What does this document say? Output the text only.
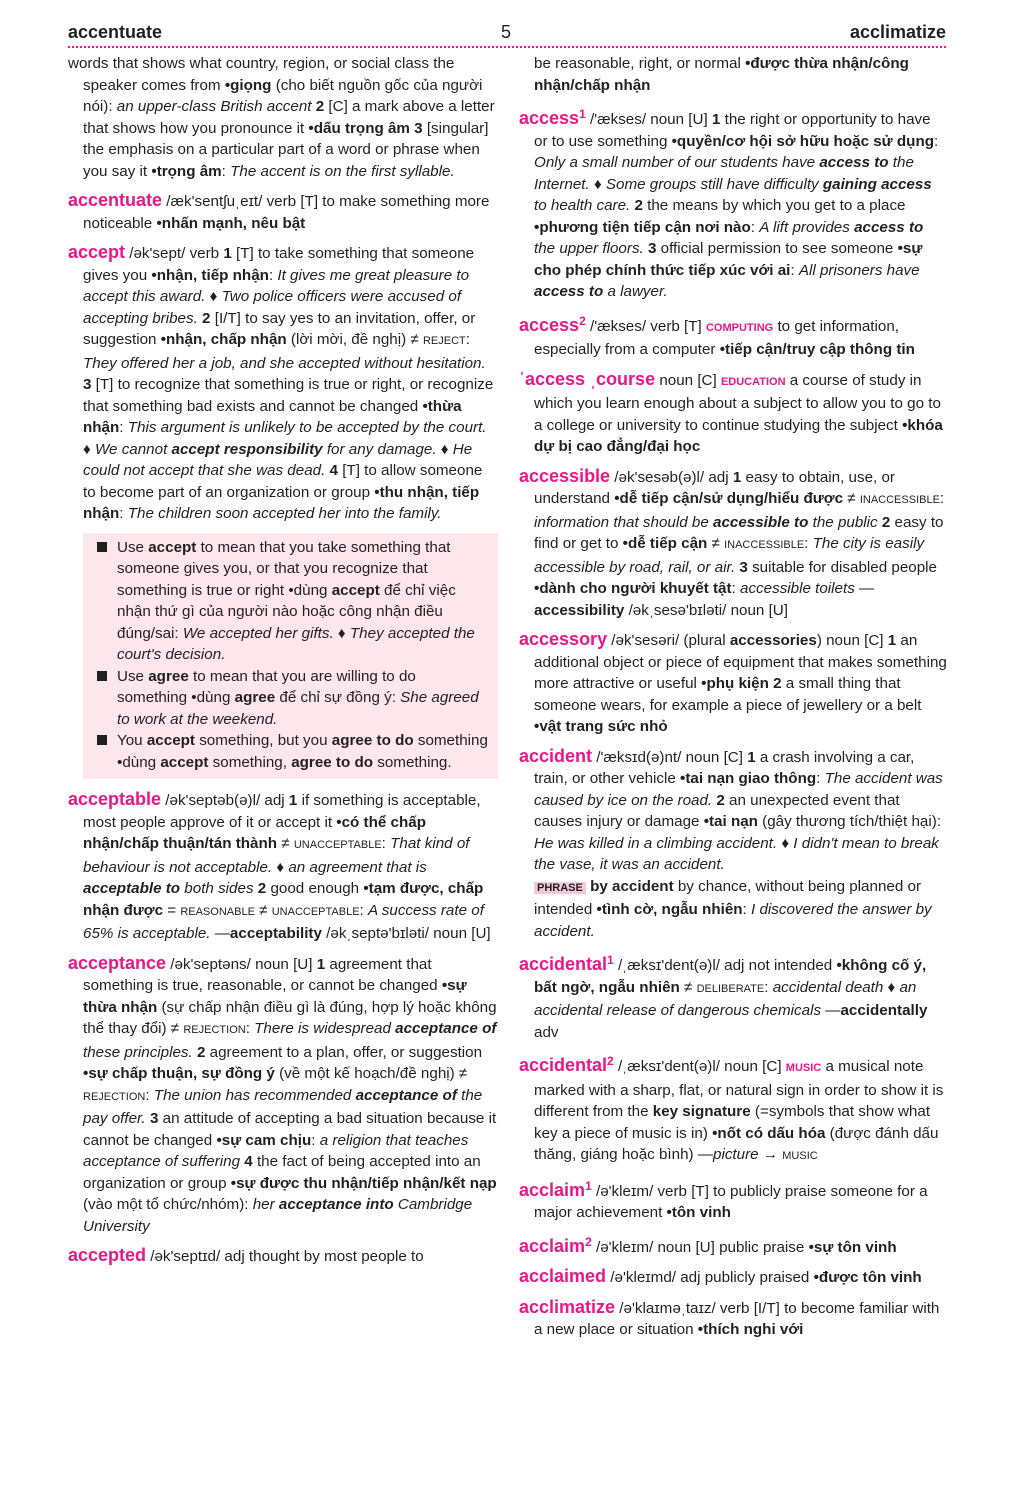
accentuate	5	acclimatize
words that shows what country, region, or social class the speaker comes from •giọng (cho biết nguồn gốc của người nói): an upper-class British accent 2 [C] a mark above a letter that shows how you pronounce it •dấu trọng âm 3 [singular] the emphasis on a particular part of a word or phrase when you say it •trọng âm: The accent is on the first syllable.
accentuate /æk'sentʃuˌeɪt/ verb [T] to make something more noticeable •nhấn mạnh, nêu bật
accept /ək'sept/ verb 1 [T] to take something that someone gives you •nhận, tiếp nhận: It gives me great pleasure to accept this award. ♦ Two police officers were accused of accepting bribes. 2 [I/T] to say yes to an invitation, offer, or suggestion •nhận, chấp nhận (lời mời, đề nghị) ≠ REJECT: They offered her a job, and she accepted without hesitation. 3 [T] to recognize that something is true or right, or recognize that something bad exists and cannot be changed •thừa nhận: This argument is unlikely to be accepted by the court. ♦ We cannot accept responsibility for any damage. ♦ He could not accept that she was dead. 4 [T] to allow someone to become part of an organization or group •thu nhận, tiếp nhận: The children soon accepted her into the family.
Use accept to mean that you take something that someone gives you, or that you recognize that something is true or right •dùng accept để chỉ việc nhận thứ gì của người nào hoặc công nhận điều đúng/sai: We accepted her gifts. ♦ They accepted the court's decision.
Use agree to mean that you are willing to do something •dùng agree để chỉ sự đồng ý: She agreed to work at the weekend.
You accept something, but you agree to do something •dùng accept something, agree to do something.
acceptable /ək'septəb(ə)l/ adj 1 if something is acceptable, most people approve of it or accept it •có thể chấp nhận/chấp thuận/tán thành ≠ UNACCEPTABLE: That kind of behaviour is not acceptable. ♦ an agreement that is acceptable to both sides 2 good enough •tạm được, chấp nhận được = REASONABLE ≠ UNACCEPTABLE: A success rate of 65% is acceptable. —acceptability /əkˌseptə'bɪləti/ noun [U]
acceptance /ək'septəns/ noun [U] 1 agreement that something is true, reasonable, or cannot be changed •sự thừa nhận (sự chấp nhận điều gì là đúng, hợp lý hoặc không thể thay đổi) ≠ REJECTION: There is widespread acceptance of these principles. 2 agreement to a plan, offer, or suggestion •sự chấp thuận, sự đồng ý (về một kế hoạch/đề nghị) ≠ REJECTION: The union has recommended acceptance of the pay offer. 3 an attitude of accepting a bad situation because it cannot be changed •sự cam chịu: a religion that teaches acceptance of suffering 4 the fact of being accepted into an organization or group •sự được thu nhận/tiếp nhận/kết nạp (vào một tổ chức/nhóm): her acceptance into Cambridge University
accepted /ək'septɪd/ adj thought by most people to
be reasonable, right, or normal •được thừa nhận/công nhận/chấp nhận
access$^1$ /'ækses/ noun [U] 1 the right or opportunity to have or to use something •quyền/cơ hội sở hữu hoặc sử dụng: Only a small number of our students have access to the Internet. ♦ Some groups still have difficulty gaining access to health care. 2 the means by which you get to a place •phương tiện tiếp cận nơi nào: A lift provides access to the upper floors. 3 official permission to see someone •sự cho phép chính thức tiếp xúc với ai: All prisoners have access to a lawyer.
access$^2$ /'ækses/ verb [T] COMPUTING to get information, especially from a computer •tiếp cận/truy cập thông tin
ˈaccess ˌcourse noun [C] EDUCATION a course of study in which you learn enough about a subject to allow you to go to a college or university to continue studying the subject •khóa dự bị cao đẳng/đại học
accessible /ək'sesəb(ə)l/ adj 1 easy to obtain, use, or understand •dễ tiếp cận/sử dụng/hiểu được ≠ INACCESSIBLE: information that should be accessible to the public 2 easy to find or get to •dễ tiếp cận ≠ INACCESSIBLE: The city is easily accessible by road, rail, or air. 3 suitable for disabled people •dành cho người khuyết tật: accessible toilets —accessibility /əkˌsesə'bɪləti/ noun [U]
accessory /ək'sesəri/ (plural accessories) noun [C] 1 an additional object or piece of equipment that makes something more attractive or useful •phụ kiện 2 a small thing that someone wears, for example a piece of jewellery or a belt •vật trang sức nhỏ
accident /'æksɪd(ə)nt/ noun [C] 1 a crash involving a car, train, or other vehicle •tai nạn giao thông: The accident was caused by ice on the road. 2 an unexpected event that causes injury or damage •tai nạn (gây thương tích/thiệt hại): He was killed in a climbing accident. ♦ I didn't mean to break the vase, it was an accident.
PHRASE by accident by chance, without being planned or intended •tình cờ, ngẫu nhiên: I discovered the answer by accident.
accidental$^1$ /ˌæksɪ'dent(ə)l/ adj not intended •không cố ý, bất ngờ, ngẫu nhiên ≠ DELIBERATE: accidental death ♦ an accidental release of dangerous chemicals —accidentally adv
accidental$^2$ /ˌæksɪ'dent(ə)l/ noun [C] MUSIC a musical note marked with a sharp, flat, or natural sign in order to show it is different from the key signature (=symbols that show what key a piece of music is in) •nốt có dấu hóa (được đánh dấu thăng, giáng hoặc bình) —picture → MUSIC
acclaim$^1$ /ə'kleɪm/ verb [T] to publicly praise someone for a major achievement •tôn vinh
acclaim$^2$ /ə'kleɪm/ noun [U] public praise •sự tôn vinh
acclaimed /ə'kleɪmd/ adj publicly praised •được tôn vinh
acclimatize /ə'klaɪməˌtaɪz/ verb [I/T] to become familiar with a new place or situation •thích nghi với
